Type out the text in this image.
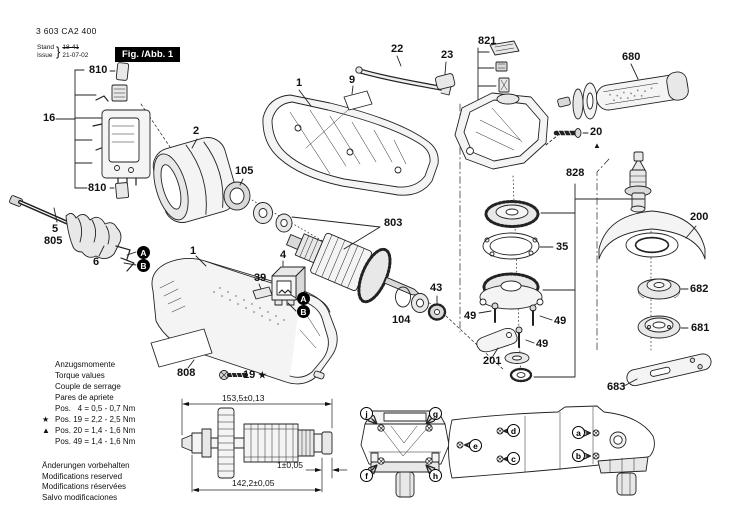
3 603 CA2 400
Stand
Issue } 18-41
21-07-02	Fig. /Abb. 1
810
16
810
2
5
805
6
1	9
22	23
821
680
20
▲
828
200
682
681
683
105
803
1	4
39
104
43
35
49	49
49
201
808	19 ★
A
B
A
B
j	g
f	h
e
d
c
a
b
Anzugsmomente
Torque values
Couple de serrage
Pares de apriete
Pos.   4 = 0,5 - 0,7 Nm
★ Pos. 19 = 2,2 - 2,5 Nm
▲ Pos. 20 = 1,4 - 1,6 Nm
Pos. 49 = 1,4 - 1,6 Nm
Änderungen vorbehalten
Modifications reserved
Modifications réservées
Salvo modificaciones
153,5±0,13
1±0,05
142,2±0,05
